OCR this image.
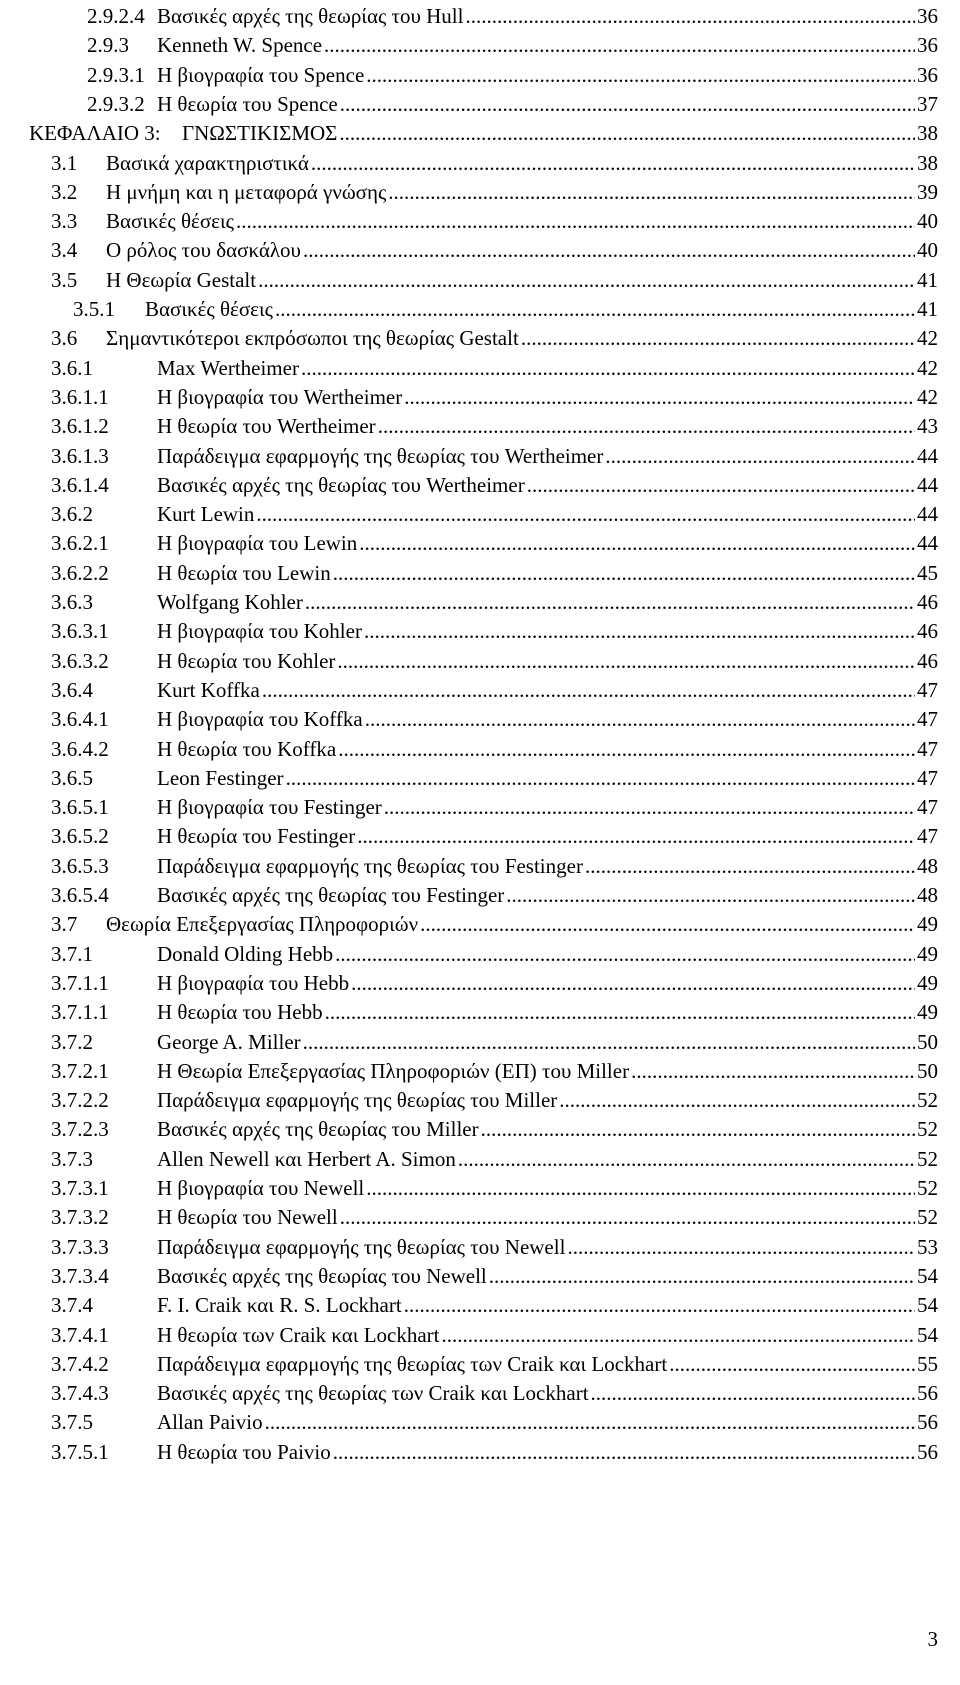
2.9.2.4 Βασικές αρχές της θεωρίας του Hull .....	36
2.9.3	Kenneth W. Spence .....	36
2.9.3.1 Η βιογραφία του Spence .....	36
2.9.3.2 Η θεωρία του Spence .....	37
ΚΕΦΑΛΑΙΟ 3:	ΓΝΩΣΤΙΚΙΣΜΟΣ .....	38
3.1	Βασικά χαρακτηριστικά .....	38
3.2	Η μνήμη και η μεταφορά γνώσης .....	39
3.3	Βασικές θέσεις .....	40
3.4	Ο ρόλος του δασκάλου .....	40
3.5	Η Θεωρία Gestalt .....	41
3.5.1	Βασικές θέσεις .....	41
3.6	Σημαντικότεροι εκπρόσωποι της θεωρίας Gestalt .....	42
3.6.1	Max Wertheimer .....	42
3.6.1.1	Η βιογραφία του Wertheimer .....	42
3.6.1.2	Η θεωρία του Wertheimer .....	43
3.6.1.3	Παράδειγμα εφαρμογής της θεωρίας του Wertheimer .....	44
3.6.1.4	Βασικές αρχές της θεωρίας του Wertheimer .....	44
3.6.2	Kurt Lewin .....	44
3.6.2.1	Η βιογραφία του Lewin .....	44
3.6.2.2	Η θεωρία του Lewin .....	45
3.6.3	Wolfgang Kohler .....	46
3.6.3.1	Η βιογραφία του Kohler .....	46
3.6.3.2	Η θεωρία του Kohler .....	46
3.6.4	Kurt Koffka .....	47
3.6.4.1	Η βιογραφία του Koffka .....	47
3.6.4.2	Η θεωρία του Koffka .....	47
3.6.5	Leon Festinger .....	47
3.6.5.1	Η βιογραφία του Festinger .....	47
3.6.5.2	Η θεωρία του Festinger .....	47
3.6.5.3	Παράδειγμα εφαρμογής της θεωρίας του Festinger .....	48
3.6.5.4	Βασικές αρχές της θεωρίας του Festinger .....	48
3.7	Θεωρία Επεξεργασίας Πληροφοριών .....	49
3.7.1	Donald Olding Hebb .....	49
3.7.1.1	Η βιογραφία του Hebb .....	49
3.7.1.1	Η θεωρία του Hebb .....	49
3.7.2	George A. Miller .....	50
3.7.2.1	Η Θεωρία Επεξεργασίας Πληροφοριών (ΕΠ) του Miller .....	50
3.7.2.2	Παράδειγμα εφαρμογής της θεωρίας του Miller .....	52
3.7.2.3	Βασικές αρχές της θεωρίας του Miller .....	52
3.7.3	Allen Newell και Herbert A. Simon .....	52
3.7.3.1	Η βιογραφία του Newell .....	52
3.7.3.2	Η θεωρία του Newell .....	52
3.7.3.3	Παράδειγμα εφαρμογής της θεωρίας του Newell .....	53
3.7.3.4	Βασικές αρχές της θεωρίας του Newell .....	54
3.7.4	F. I. Craik και R. S. Lockhart .....	54
3.7.4.1	Η θεωρία των Craik και Lockhart .....	54
3.7.4.2	Παράδειγμα εφαρμογής της θεωρίας των Craik και Lockhart .....	55
3.7.4.3	Βασικές αρχές της θεωρίας των Craik και Lockhart .....	56
3.7.5	Allan Paivio .....	56
3.7.5.1	Η θεωρία του Paivio .....	56
3
